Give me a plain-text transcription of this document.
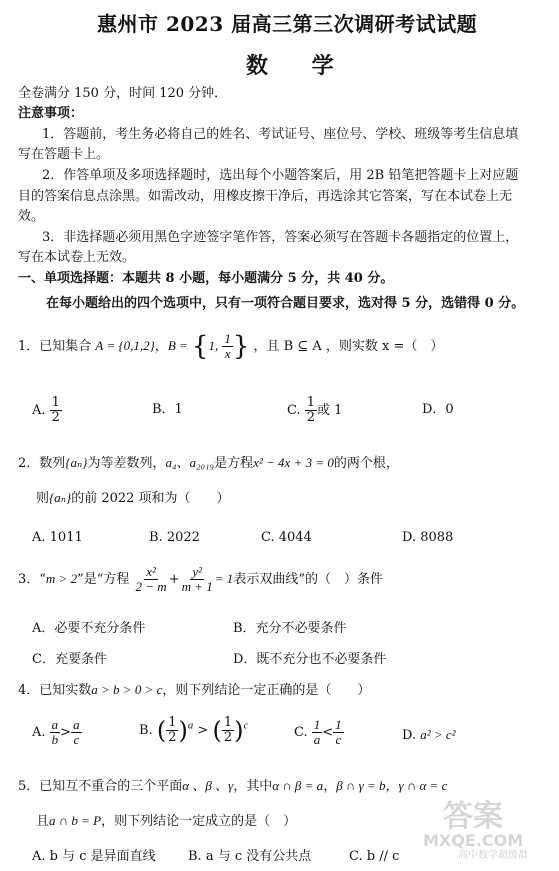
惠州市 2023 届高三第三次调研考试试题
数 学
全卷满分 150 分，时间 120 分钟．
注意事项：
1．答题前，考生务必将自己的姓名、考试证号、座位号、学校、班级等考生信息填
写在答题卡上。
2．作答单项及多项选择题时，选出每个小题答案后，用 2B 铅笔把答题卡上对应题
目的答案信息点涂黑。如需改动，用橡皮擦干净后，再选涂其它答案，写在本试卷上无
效。
3．非选择题必须用黑色字迹签字笔作答，答案必须写在答题卡各题指定的位置上，
写在本试卷上无效。
一、单项选择题：本题共 8 小题，每小题满分 5 分，共 40 分。
在每小题给出的四个选项中，只有一项符合题目要求，选对得 5 分，选错得 0 分。
1．已知集合 A = {0,1,2}，B = {1, $\frac{1}{x}$ } ，且 B ⊆ A ，则实数 x =（　）
A. $\frac{1}{2}$	B．1	C. $\frac{1}{2}$ 或 1	D．0
2．数列{aₙ}为等差数列，a₄、a₂₀₁₉是方程x² − 4x + 3 = 0的两个根，
则{aₙ}的前 2022 项和为（　　）
A. 1011	B. 2022	C. 4044	D. 8088
3．“m > 2”是“方程 $\frac{\text{x²}}{2 - m} + \frac{\text{y²}}{m + 1} = 1$表示双曲线”的（　）条件
A．必要不充分条件	B．充分不必要条件
C．充要条件	D．既不充分也不必要条件
4．已知实数a > b > 0 > c，则下列结论一定正确的是（　　）
A. $\frac{a}{b} > \frac{a}{c}$	B. ( $\frac{1}{2} )^a$ > ( $\frac{1}{2} )^c$	C. $\frac{1}{a} < \frac{1}{c}$	D. a² > c²
5．已知互不重合的三个平面α 、β 、γ，其中α ∩ β = a，β ∩ γ = b，γ ∩ α = c
且a ∩ b = P，则下列结论一定成立的是（　）
A. b 与 c 是异面直线 B. a 与 c 没有公共点	C. b // c
答案
MXQE.COM
高中数学超级群
